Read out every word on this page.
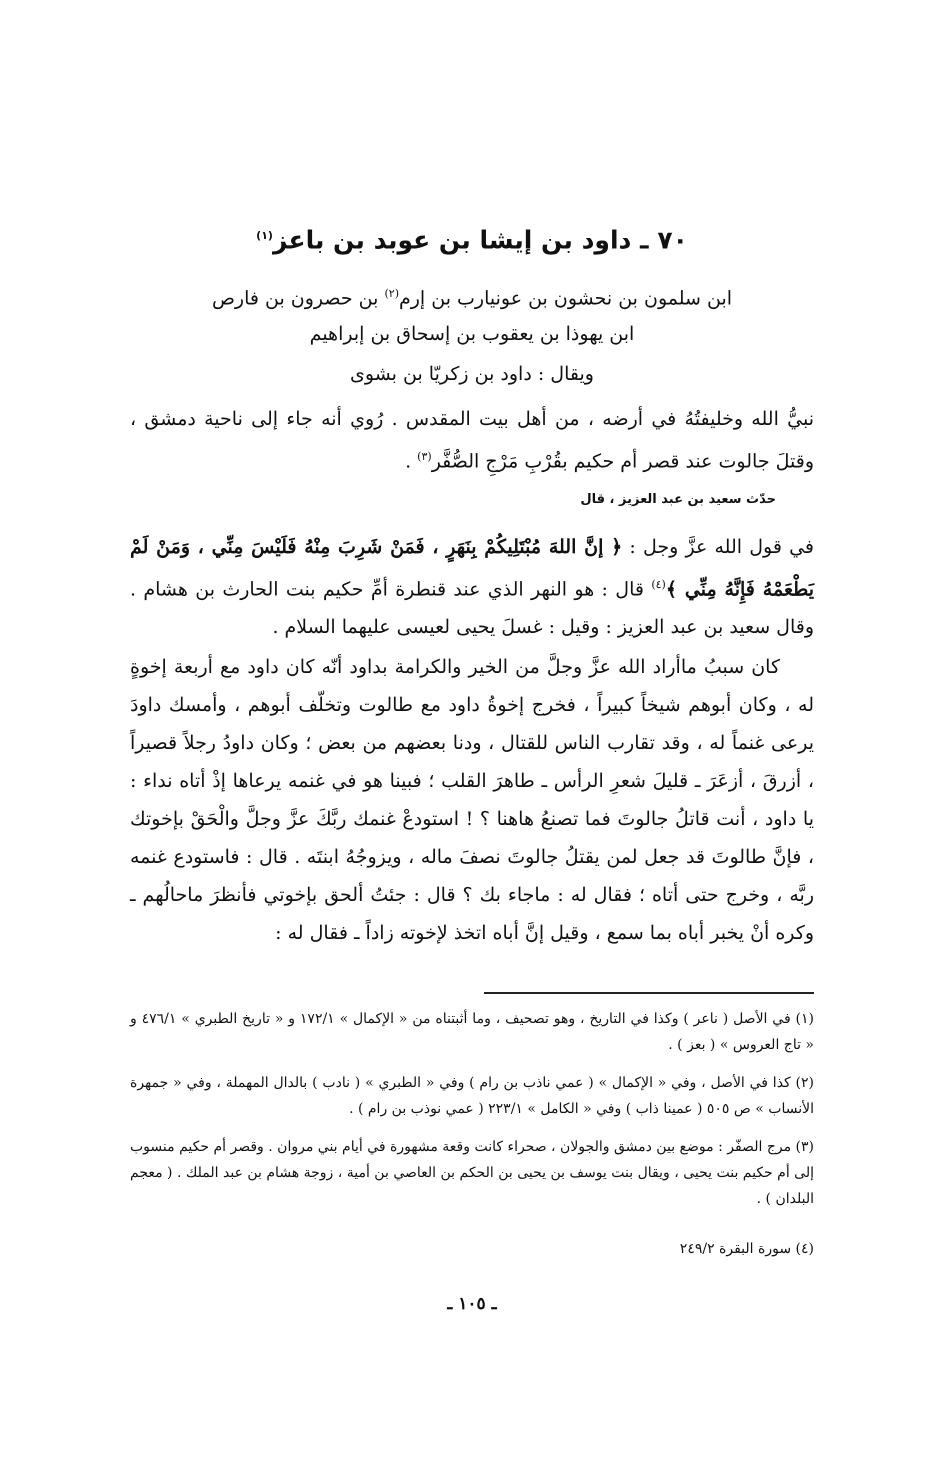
٧٠ ـ داود بن إيشا بن عوبد بن باعز$^{(١)}$
ابن سلمون بن نحشون بن عونيارب بن إرم$^{(٢)}$ بن حصرون بن فارص
ابن يهوذا بن يعقوب بن إسحاق بن إبراهيم
ويقال : داود بن زكريّا بن بشوى
نبيُّ الله وخليفتُهُ في أرضه ، من أهل بيت المقدس . رُوي أنه جاء إلى ناحية دمشق ، وقتلَ جالوت عند قصر أم حكيم بقُرْبِ مَرْجِ الصُّفَّر$^{(٣)}$ .
حدّث سعيد بن عبد العزيز ، قال
في قول الله عزَّ وجل : ﴿ إنَّ اللهَ مُبْتَلِيكُمْ بِنَهَرٍ ، فَمَنْ شَرِبَ مِنْهُ فَلَيْسَ مِنِّي ، وَمَنْ لَمْ يَطْعَمْهُ فَإِنَّهُ مِنِّي ﴾$^{(٤)}$ قال : هو النهر الذي عند قنطرة أمِّ حكيم بنت الحارث بن هشام . وقال سعيد بن عبد العزيز : وقيل : غسلَ يحيى لعيسى عليهما السلام .
كان سببُ ماأراد الله عزَّ وجلَّ من الخير والكرامة بداود أنّه كان داود مع أربعة إخوةٍ له ، وكان أبوهم شيخاً كبيراً ، فخرج إخوةُ داود مع طالوت وتخلّف أبوهم ، وأمسك داودَ يرعى غنماً له ، وقد تقارب الناس للقتال ، ودنا بعضهم من بعض ؛ وكان داودُ رجلاً قصيراً ، أزرقَ ، أزعَرَ ـ قليلَ شعرِ الرأس ـ طاهرَ القلب ؛ فبينا هو في غنمه يرعاها إذْ أتاه نداء : يا داود ، أنت قاتلُ جالوتَ فما تصنعُ هاهنا ؟ ! استودعْ غنمك ربَّكَ عزَّ وجلَّ والْحَقْ بإخوتك ، فإنَّ طالوتَ قد جعل لمن يقتلُ جالوتَ نصفَ ماله ، ويزوجُهُ ابنتَه . قال : فاستودع غنمه ربَّه ، وخرج حتى أتاه ؛ فقال له : ماجاء بك ؟ قال : جئتُ ألحق بإخوتي فأنظرَ ماحالُهم ـ وكره أنْ يخبر أباه بما سمع ، وقيل إنَّ أباه اتخذ لإخوته زاداً ـ فقال له :
(١) في الأصل ( ناعر ) وكذا في التاريخ ، وهو تصحيف ، وما أثبتناه من « الإكمال » ١٧٢/١ و « تاريخ الطبري » ٤٧٦/١ و « تاج العروس » ( بعز ) .
(٢) كذا في الأصل ، وفي « الإكمال » ( عمي ناذب بن رام ) وفي « الطبري » ( نادب ) بالدال المهملة ، وفي « جمهرة الأنساب » ص ٥٠٥ ( عمينا ذاب ) وفي « الكامل » ٢٢٣/١ ( عمي نوذب بن رام ) .
(٣) مرج الصفّر : موضع بين دمشق والجولان ، صحراء كانت وقعة مشهورة في أيام بني مروان . وقصر أم حكيم منسوب إلى أم حكيم بنت يحيى ، ويقال بنت يوسف بن يحيى بن الحكم بن العاصي بن أمية ، زوجة هشام بن عبد الملك . ( معجم البلدان ) .
(٤) سورة البقرة ٢٤٩/٢
ـ ١٠٥ ـ
